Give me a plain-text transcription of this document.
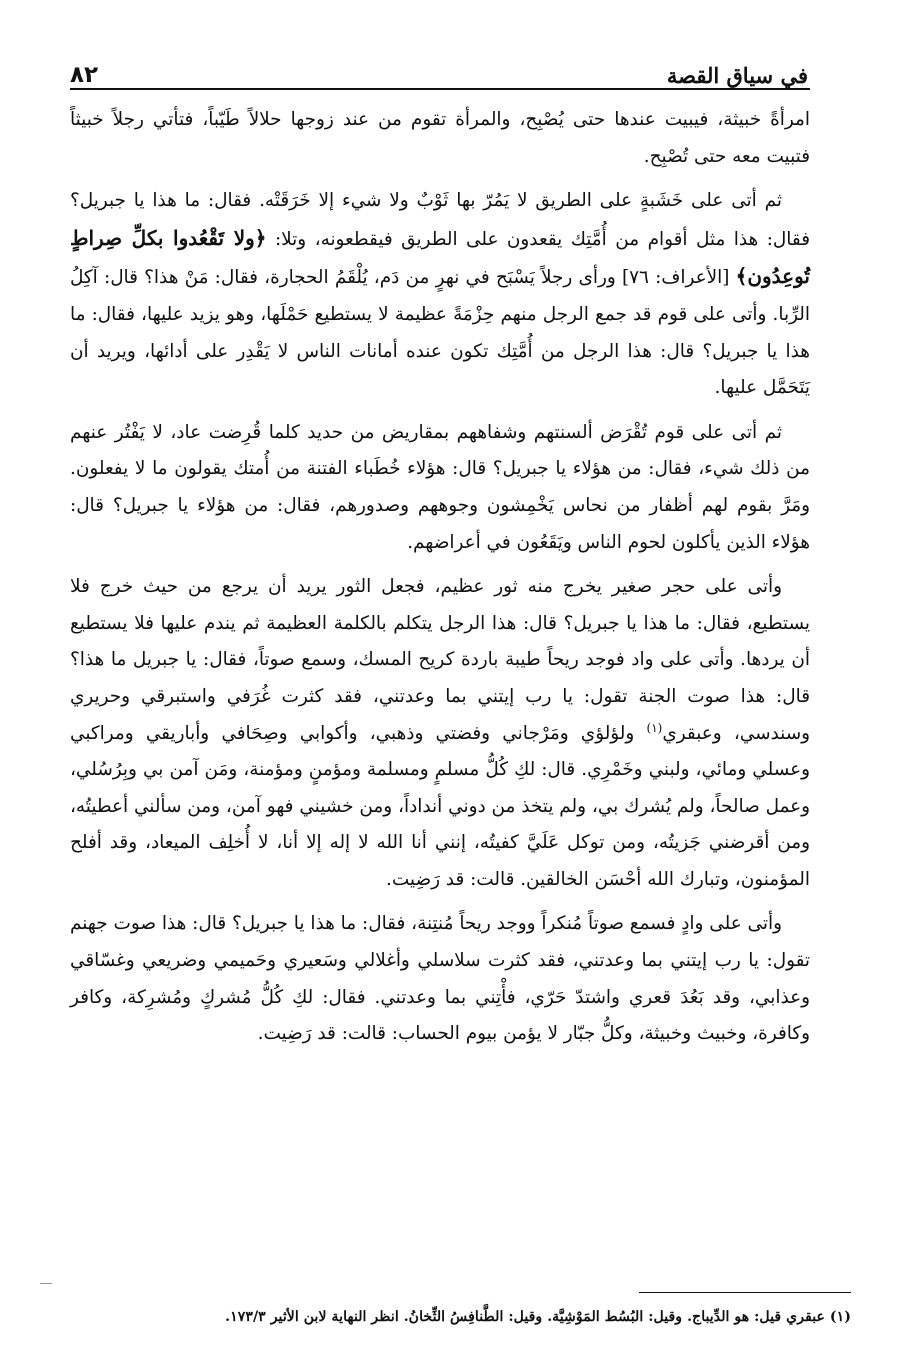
في سياق القصة
٨٢

امرأةً خبيثة، فيبيت عندها حتى يُصْبِح، والمرأة تقوم من عند زوجها حلالاً طَيّباً، فتأتي رجلاً خبيثاً فتبيت معه حتى تُصْبِح.

ثم أتى على خَشَبةٍ على الطريق لا يَمُرّ بها ثَوْبٌ ولا شيء إلا خَرَقَتْه. فقال: ما هذا يا جبريل؟ فقال: هذا مثل أقوام من أُمَّتِك يقعدون على الطريق فيقطعونه، وتلا: ﴿ولا تَقْعُدوا بكلِّ صِراطٍ تُوعِدُون﴾ [الأعراف: ٧٦] ورأى رجلاً يَسْبَح في نهرٍ من دَم، يُلْقَمُ الحجارة، فقال: مَنْ هذا؟ قال: آكِلُ الرِّبا. وأتى على قوم قد جمع الرجل منهم حِزْمَةً عظيمة لا يستطيع حَمْلَها، وهو يزيد عليها، فقال: ما هذا يا جبريل؟ قال: هذا الرجل من أُمَّتِك تكون عنده أمانات الناس لا يَقْدِر على أدائها، ويريد أن يَتَحَمَّل عليها.

ثم أتى على قوم تُقْرَض ألسنتهم وشفاههم بمقاريض من حديد كلما قُرِضت عاد، لا يَفْتُر عنهم من ذلك شيء، فقال: من هؤلاء يا جبريل؟ قال: هؤلاء خُطَباء الفتنة من أُمتك يقولون ما لا يفعلون. ومَرَّ بقوم لهم أظفار من نحاس يَخْمِشون وجوههم وصدورهم، فقال: من هؤلاء يا جبريل؟ قال: هؤلاء الذين يأكلون لحوم الناس ويَقَعُون في أعراضهم.

وأتى على حجر صغير يخرج منه ثور عظيم، فجعل الثور يريد أن يرجع من حيث خرج فلا يستطيع، فقال: ما هذا يا جبريل؟ قال: هذا الرجل يتكلم بالكلمة العظيمة ثم يندم عليها فلا يستطيع أن يردها. وأتى على واد فوجد ريحاً طيبة باردة كريح المسك، وسمع صوتاً، فقال: يا جبريل ما هذا؟ قال: هذا صوت الجنة تقول: يا رب إيتني بما وعدتني، فقد كثرت غُرَفي واستبرقي وحريري وسندسي، وعبقري$^{(١)}$ ولؤلؤي ومَرْجاني وفضتي وذهبي، وأكوابي وصِحَافي وأباريقي ومراكبي وعسلي ومائي، ولبني وخَمْرِي. قال: لكِ كُلُّ مسلمٍ ومسلمة ومؤمنٍ ومؤمنة، ومَن آمن بي وبِرُسُلي، وعمل صالحاً، ولم يُشرك بي، ولم يتخذ من دوني أنداداً، ومن خشيني فهو آمن، ومن سألني أعطيتُه، ومن أقرضني جَزيتُه، ومن توكل عَلَيَّ كفيتُه، إنني أنا الله لا إله إلا أنا، لا أُخلِف الميعاد، وقد أفلح المؤمنون، وتبارك الله أحْسَن الخالقين. قالت: قد رَضِيت.

وأتى على وادٍ فسمع صوتاً مُنكراً ووجد ريحاً مُنتِنة، فقال: ما هذا يا جبريل؟ قال: هذا صوت جهنم تقول: يا رب إيتني بما وعدتني، فقد كثرت سلاسلي وأغلالي وسَعيري وحَميمي وضريعي وغسّاقي وعذابي، وقد بَعُدَ قعري واشتدّ حَرّي، فأْتِني بما وعدتني. فقال: لكِ كُلُّ مُشركٍ ومُشرِكة، وكافر وكافرة، وخبيث وخبيثة، وكلُّ جبّار لا يؤمن بيوم الحساب: قالت: قد رَضِيت.

(١) عبقري قيل: هو الدِّيباج. وقيل: البُسُط المَوْشِيَّة. وقيل: الطَّنافِسُ الثِّخانُ. انظر النهاية لابن الأثير ١٧٣/٣.
